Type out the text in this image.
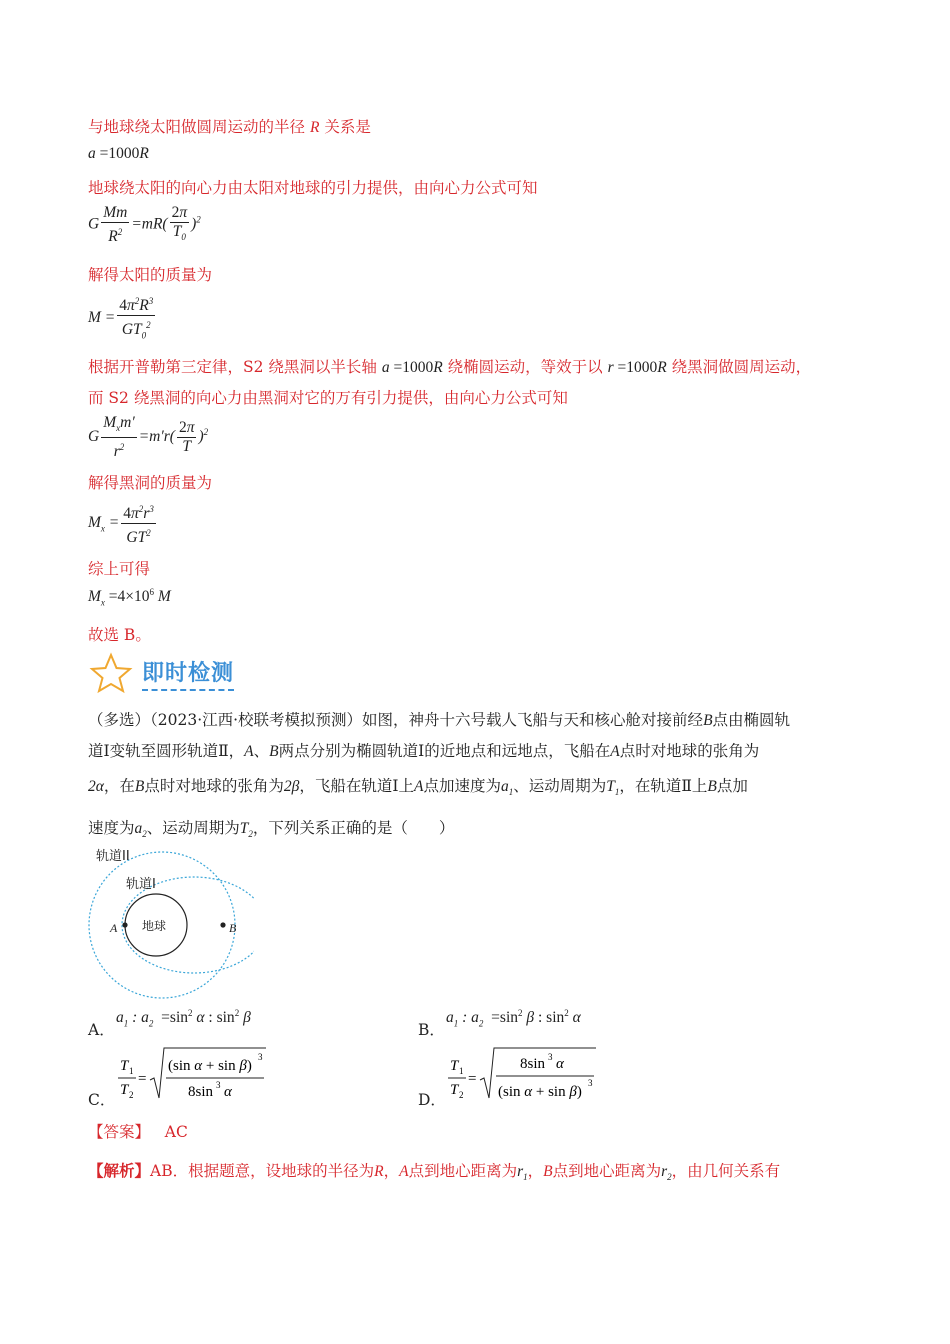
与地球绕太阳做圆周运动的半径 R 关系是
a =1000R
地球绕太阳的向心力由太阳对地球的引力提供，由向心力公式可知
G $\frac{Mm}{R^2} =mR( \frac{2\pi}{T_0} )^2$
解得太阳的质量为
$M = \frac{4\pi^2R^3}{GT_0^2}$
根据开普勒第三定律，S2 绕黑洞以半长轴 a =1000R 绕椭圆运动，等效于以 r =1000R 绕黑洞做圆周运动，
而 S2 绕黑洞的向心力由黑洞对它的万有引力提供，由向心力公式可知
G $\frac{M_xm'}{r^2} =m'r( \frac{2\pi}{T} )^2$
解得黑洞的质量为
$M_x = \frac{4\pi^2r^3}{GT^2}$
综上可得
$M_x =4\times 10^6$ M
故选 B。
即时检测
（多选）（2023·江西·校联考模拟预测）如图，神舟十六号载人飞船与天和核心舱对接前经B点由椭圆轨
道Ⅰ变轨至圆形轨道Ⅱ，A、B两点分别为椭圆轨道Ⅰ的近地点和远地点，飞船在A点时对地球的张角为
2α，在B点时对地球的张角为2β，飞船在轨道Ⅰ上A点加速度为$a_1$、运动周期为$T_1$，在轨道Ⅱ上B点加
速度为$a_2$、运动周期为$T_2$，下列关系正确的是（　　）
轨道II
轨道I
地球
A	B
A．
$a_1$ : $a_2 =\sin^2$ α : $\sin^2 \beta$
B．
$a_1$ : $a_2 =\sin^2$ β : $\sin^2 \alpha$
C．
T 1
T 2
=
(sin α + sin β)
3
8sin 3 α	D．
T 1
T 2
=
8sin 3 α
(sin α + sin β)
3
【答案】 AC
【解析】AB．根据题意，设地球的半径为R，A点到地心距离为$r_1$，B点到地心距离为$r_2$，由几何关系有
